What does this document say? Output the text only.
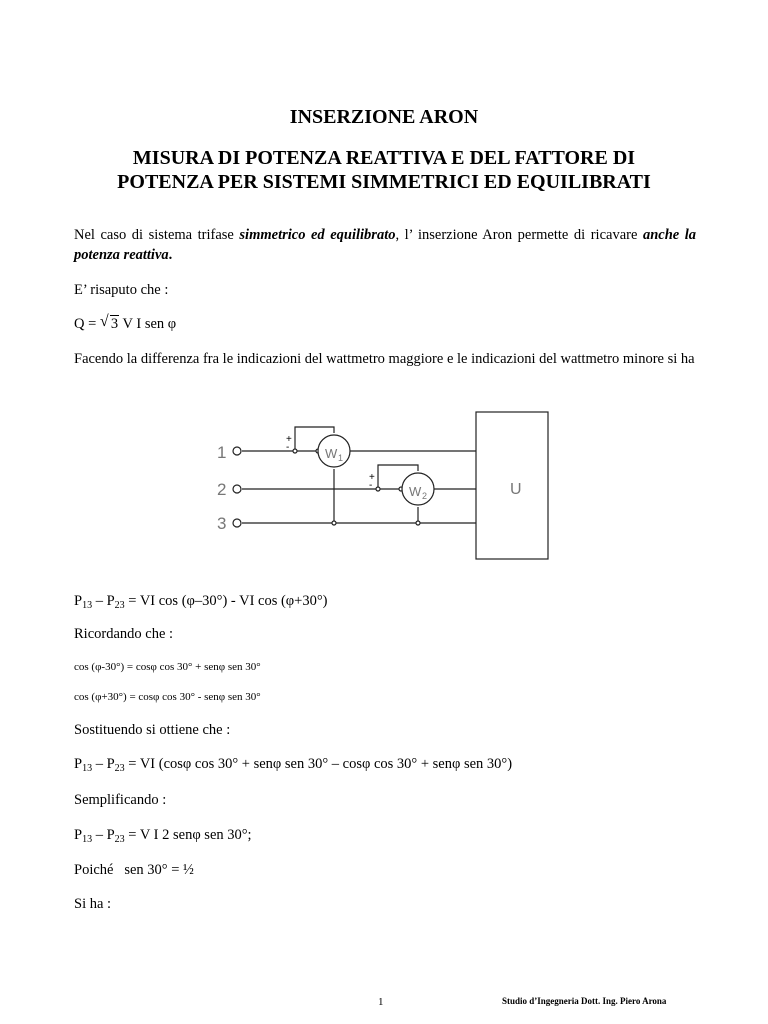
INSERZIONE ARON
MISURA DI POTENZA REATTIVA E DEL FATTORE DI
POTENZA PER SISTEMI SIMMETRICI ED EQUILIBRATI
Nel caso di sistema trifase simmetrico ed equilibrato, l’ inserzione Aron permette di ricavare anche la potenza reattiva.
E’ risaputo che :
Q = √ 3 V I sen φ
Facendo la differenza fra le indicazioni del wattmetro maggiore e le indicazioni del wattmetro minore si ha
1
2
3
W 1
W 2	U
+
-
+
-
$P_{13} - P_{23}$ = VI cos (φ–30°) - VI cos (φ+30°)
Ricordando che :
cos (φ-30°) = cosφ cos 30° + senφ sen 30°
cos (φ+30°) = cosφ cos 30° - senφ sen 30°
Sostituendo si ottiene che :
$P_{13} - P_{23}$ = VI (cosφ cos 30° + senφ sen 30° – cosφ cos 30° + senφ sen 30°)
Semplificando :
$P_{13} - P_{23} = V$ I 2 senφ sen 30°;
Poiché   sen 30° = ½
Si ha :
1	Studio d’Ingegneria Dott. Ing. Piero Arona
